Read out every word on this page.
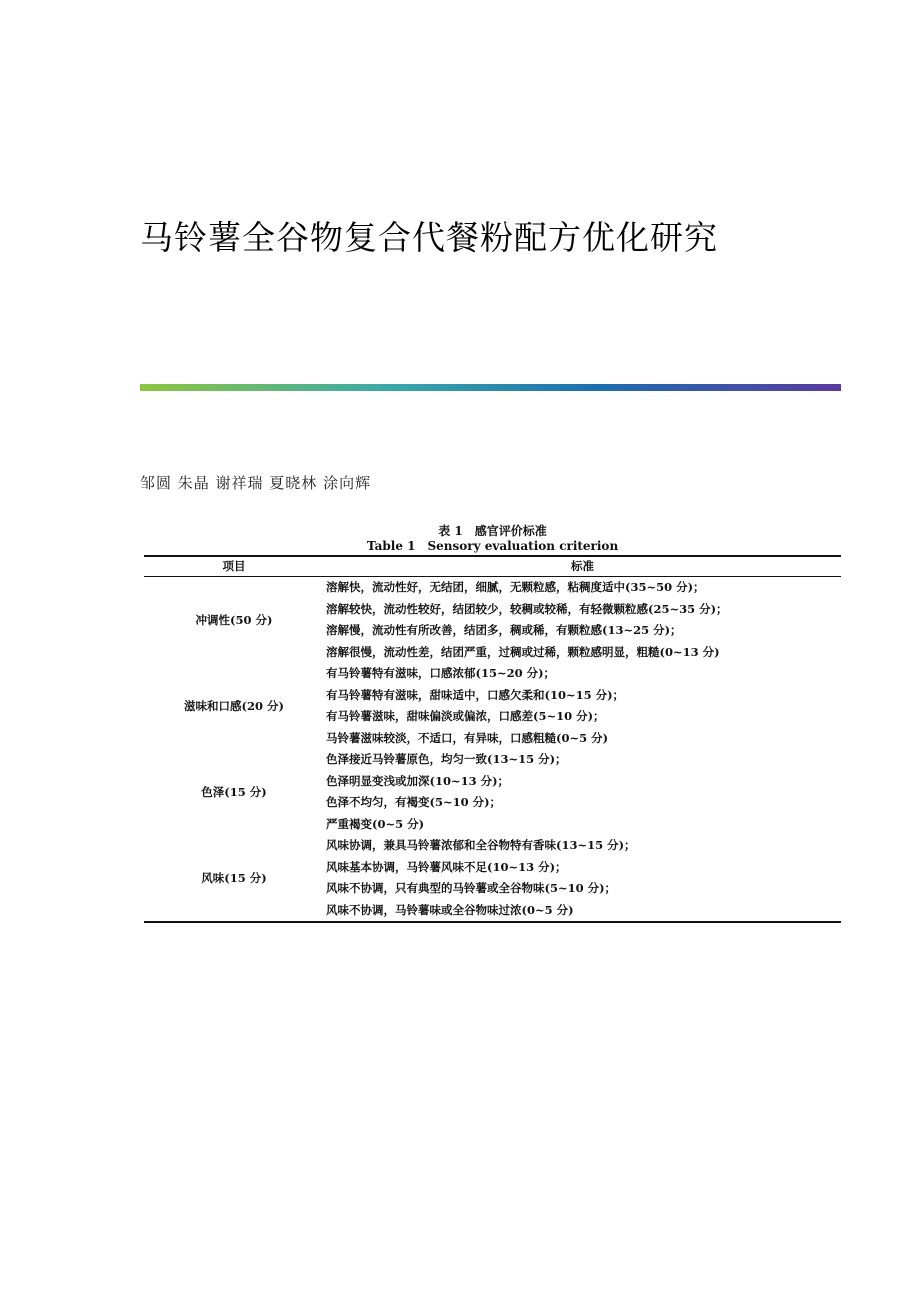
马铃薯全谷物复合代餐粉配方优化研究
邹圆 朱晶 谢祥瑞 夏晓林 涂向辉
表 1　感官评价标准
Table 1　Sensory evaluation criterion
项目	标准
冲调性(50 分)
溶解快，流动性好，无结团，细腻，无颗粒感，粘稠度适中(35~50 分)；
溶解较快，流动性较好，结团较少，较稠或较稀，有轻微颗粒感(25~35 分)；
溶解慢，流动性有所改善，结团多，稠或稀，有颗粒感(13~25 分)；
溶解很慢，流动性差，结团严重，过稠或过稀，颗粒感明显，粗糙(0~13 分)
滋味和口感(20 分)
有马铃薯特有滋味，口感浓郁(15~20 分)；
有马铃薯特有滋味，甜味适中，口感欠柔和(10~15 分)；
有马铃薯滋味，甜味偏淡或偏浓，口感差(5~10 分)；
马铃薯滋味较淡，不适口，有异味，口感粗糙(0~5 分)
色泽(15 分)
色泽接近马铃薯原色，均匀一致(13~15 分)；
色泽明显变浅或加深(10~13 分)；
色泽不均匀，有褐变(5~10 分)；
严重褐变(0~5 分)
风味(15 分)
风味协调，兼具马铃薯浓郁和全谷物特有香味(13~15 分)；
风味基本协调，马铃薯风味不足(10~13 分)；
风味不协调，只有典型的马铃薯或全谷物味(5~10 分)；
风味不协调，马铃薯味或全谷物味过浓(0~5 分)
